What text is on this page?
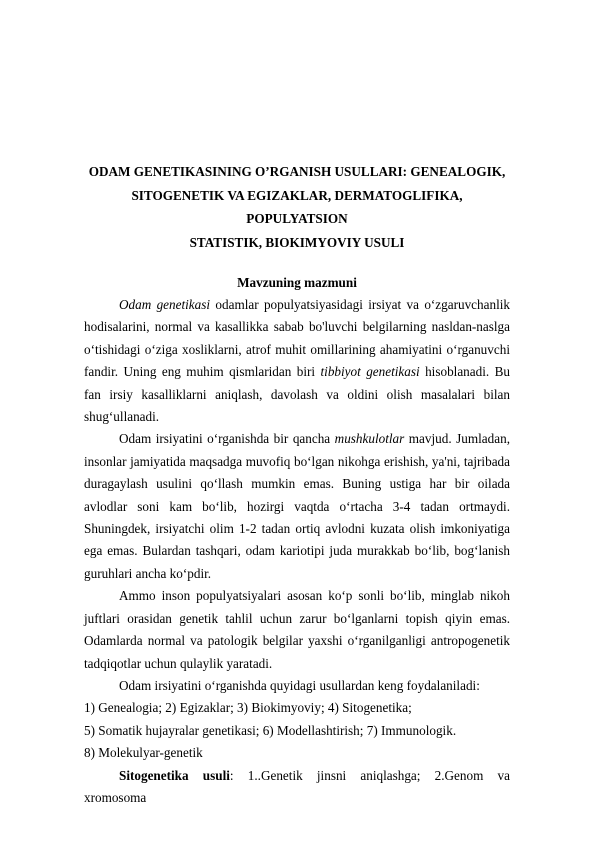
ODAM GENETIKASINING O’RGANISH USULLARI: GENEALOGIK,
SITOGENETIK VA EGIZAKLAR, DERMATOGLIFIKA, POPULYATSION
STATISTIK, BIOKIMYOVIY USULI

Mavzuning mazmuni

Odam genetikasi odamlar populyatsiyasidagi irsiyat va o‘zgaruvchanlik hodisalarini, normal va kasallikka sabab bo'luvchi belgilarning nasldan-naslga o‘tishidagi o‘ziga xosliklarni, atrof muhit omillarining ahamiyatini o‘rganuvchi fandir. Uning eng muhim qismlaridan biri tibbiyot genetikasi hisoblanadi. Bu fan irsiy kasalliklarni aniqlash, davolash va oldini olish masalalari bilan shug‘ullanadi.

Odam irsiyatini o‘rganishda bir qancha mushkulotlar mavjud. Jumladan, insonlar jamiyatida maqsadga muvofiq bo‘lgan nikohga erishish, ya'ni, tajribada duragaylash usulini qo‘llash mumkin emas. Buning ustiga har bir oilada avlodlar soni kam bo‘lib, hozirgi vaqtda o‘rtacha 3-4 tadan ortmaydi. Shuningdek, irsiyatchi olim 1-2 tadan ortiq avlodni kuzata olish imkoniyatiga ega emas. Bulardan tashqari, odam kariotipi juda murakkab bo‘lib, bog‘lanish guruhlari ancha ko‘pdir.

Ammo inson populyatsiyalari asosan ko‘p sonli bo‘lib, minglab nikoh juftlari orasidan genetik tahlil uchun zarur bo‘lganlarni topish qiyin emas. Odamlarda normal va patologik belgilar yaxshi o‘rganilganligi antropogenetik tadqiqotlar uchun qulaylik yaratadi.

Odam irsiyatini o‘rganishda quyidagi usullardan keng foydalaniladi:

1) Genealogia; 2) Egizaklar; 3) Biokimyoviy; 4) Sitogenetika;

5) Somatik hujayralar genetikasi; 6) Modellashtirish; 7) Immunologik.

8) Molekulyar-genetik

Sitogenetika usuli: 1..Genetik jinsni aniqlashga; 2.Genom va xromosoma
